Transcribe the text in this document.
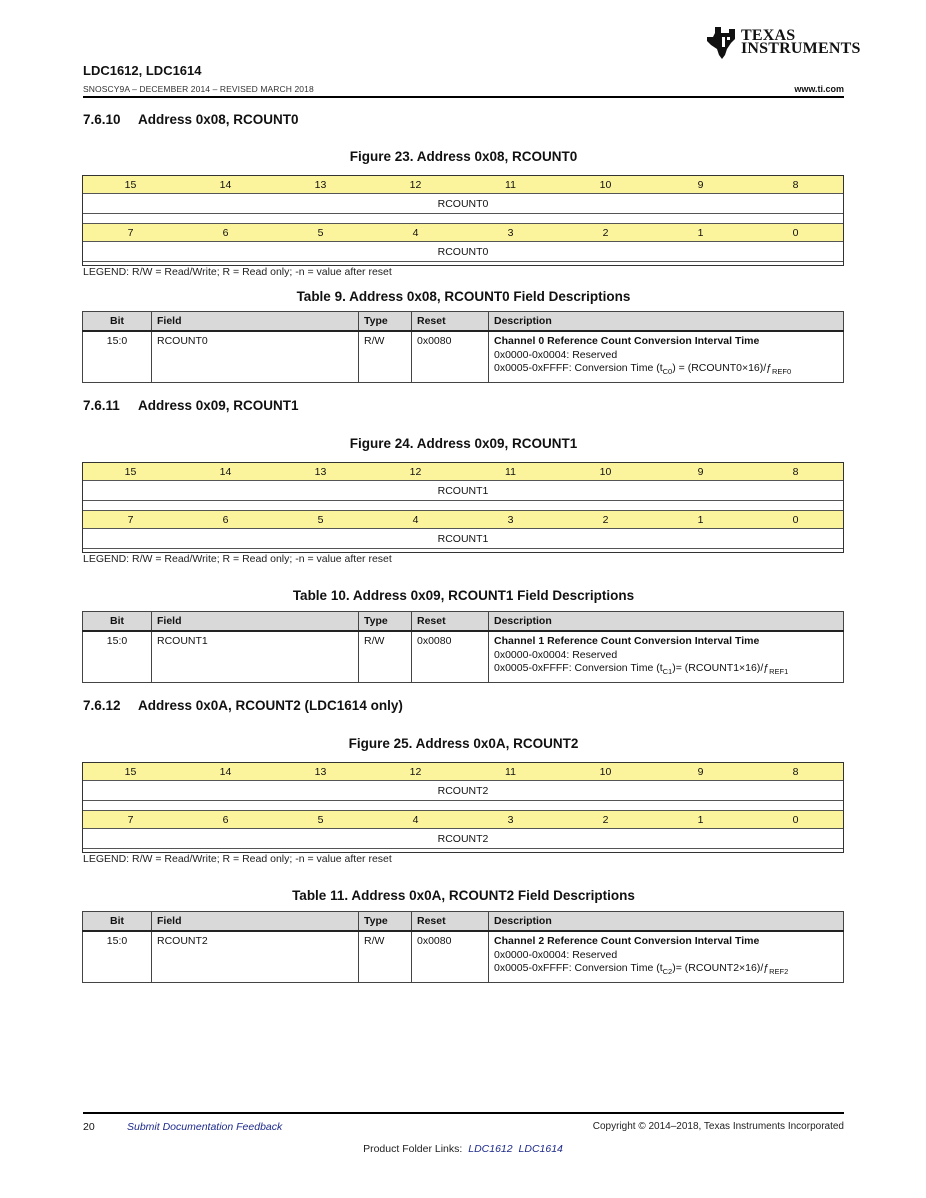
TEXAS
INSTRUMENTS
LDC1612, LDC1614
SNOSCY9A – DECEMBER 2014 – REVISED MARCH 2018	www.ti.com
7.6.10 Address 0x08, RCOUNT0
Figure 23. Address 0x08, RCOUNT0
15	14	13	12	11	10	9	8
RCOUNT0
7	6	5	4	3	2	1	0
RCOUNT0
LEGEND: R/W = Read/Write; R = Read only; -n = value after reset
Table 9. Address 0x08, RCOUNT0 Field Descriptions
Bit	Field	Type	Reset	Description
15:0	RCOUNT0	R/W	0x0080	Channel 0 Reference Count Conversion Interval Time
0x0000-0x0004: Reserved
0x0005-0xFFFF: Conversion Time $(t_{C0})$ = $(RCOUNT0\times 16)/ƒ_{REF0}$
7.6.11 Address 0x09, RCOUNT1
Figure 24. Address 0x09, RCOUNT1
15	14	13	12	11	10	9	8
RCOUNT1
7	6	5	4	3	2	1	0
RCOUNT1
LEGEND: R/W = Read/Write; R = Read only; -n = value after reset
Table 10. Address 0x09, RCOUNT1 Field Descriptions
Bit	Field	Type	Reset	Description
15:0	RCOUNT1	R/W	0x0080	Channel 1 Reference Count Conversion Interval Time
0x0000-0x0004: Reserved
0x0005-0xFFFF: Conversion Time $(t_{C1})=$ $(RCOUNT1\times 16)/ƒ_{REF1}$
7.6.12 Address 0x0A, RCOUNT2 (LDC1614 only)
Figure 25. Address 0x0A, RCOUNT2
15	14	13	12	11	10	9	8
RCOUNT2
7	6	5	4	3	2	1	0
RCOUNT2
LEGEND: R/W = Read/Write; R = Read only; -n = value after reset
Table 11. Address 0x0A, RCOUNT2 Field Descriptions
Bit	Field	Type	Reset	Description
15:0	RCOUNT2	R/W	0x0080	Channel 2 Reference Count Conversion Interval Time
0x0000-0x0004: Reserved
0x0005-0xFFFF: Conversion Time $(t_{C2})=$ $(RCOUNT2\times 16)/ƒ_{REF2}$
20	Submit Documentation Feedback	Copyright © 2014–2018, Texas Instruments Incorporated
Product Folder Links: LDC1612 LDC1614
